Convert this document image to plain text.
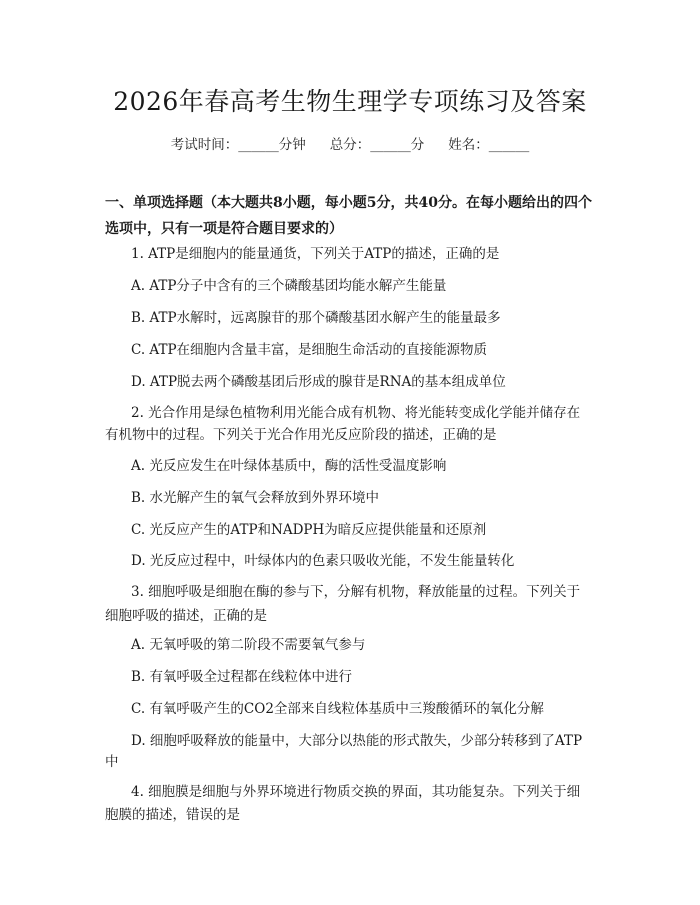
2026年春高考生物生理学专项练习及答案
考试时间：______分钟 总分：______分 姓名：______
一、单项选择题（本大题共8小题，每小题5分，共40分。在每小题给出的四个
选项中，只有一项是符合题目要求的）
1. ATP是细胞内的能量通货，下列关于ATP的描述，正确的是
A. ATP分子中含有的三个磷酸基团均能水解产生能量
B. ATP水解时，远离腺苷的那个磷酸基团水解产生的能量最多
C. ATP在细胞内含量丰富，是细胞生命活动的直接能源物质
D. ATP脱去两个磷酸基团后形成的腺苷是RNA的基本组成单位
2. 光合作用是绿色植物利用光能合成有机物、将光能转变成化学能并储存在
有机物中的过程。下列关于光合作用光反应阶段的描述，正确的是
A. 光反应发生在叶绿体基质中，酶的活性受温度影响
B. 水光解产生的氧气会释放到外界环境中
C. 光反应产生的ATP和NADPH为暗反应提供能量和还原剂
D. 光反应过程中，叶绿体内的色素只吸收光能，不发生能量转化
3. 细胞呼吸是细胞在酶的参与下，分解有机物，释放能量的过程。下列关于
细胞呼吸的描述，正确的是
A. 无氧呼吸的第二阶段不需要氧气参与
B. 有氧呼吸全过程都在线粒体中进行
C. 有氧呼吸产生的CO2全部来自线粒体基质中三羧酸循环的氧化分解
D. 细胞呼吸释放的能量中，大部分以热能的形式散失，少部分转移到了ATP
中
4. 细胞膜是细胞与外界环境进行物质交换的界面，其功能复杂。下列关于细
胞膜的描述，错误的是
